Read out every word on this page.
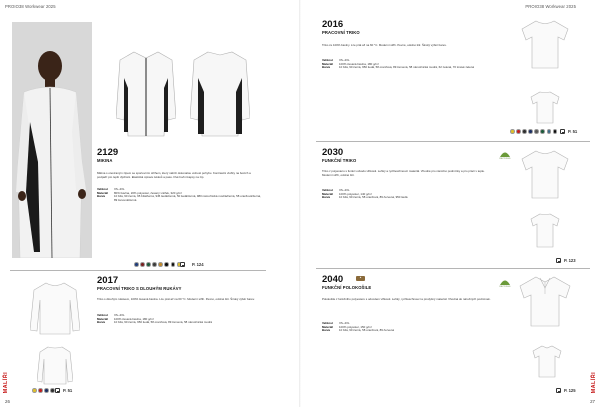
PROIO38 Workwear 2025
MALÍŘI
26
2129
MIKINA
Mikina s otevíraným zipem se sportovním střihem, který nabízí dokonalou volnost pohybu. Kontrastní vložky na bocích a podpaží pro lepší dýchání. Elastická úprava rukávů a pasu. Dvě boční kapsy na zip.
Velikost	XS–4XL
Materiál	80% bavlna, 20% polyester, česaný vnitřek, 320 g/m²
Barva	10 bílá, 90 černá, 95 bílá/černá, 945 šedá/černá, 50 šedá/černá, 980 námořnická modrá/černá, 58 oranžová/černá, 89 červená/černá
P. 124
2017
PRACOVNÍ TRIKO S DLOUHÝM RUKÁVY
Triko s dlouhým rukávem, 100% česaná bavlna. Lze prát až na 60 °C. Moderní střih. Pevné, odolné šití. Široký výběr barev.
Velikost	XS–4XL
Materiál	100% česaná bavlna, 180 g/m²
Barva	10 bílá, 90 černá, 950 šedá, 58 oranžová, 89 červená, 58 námořnická modrá
P. 51
PROIO38 Workwear 2025
MALÍŘI
27
2016
PRACOVNÍ TRIKO
Triko ze 100% bavlny. Lze prát až na 60 °C. Moderní střih. Pevné, odolné šití. Široký výběr barev.
Velikost	XS–4XL
Materiál	100% česaná bavlna, 180 g/m²
Barva	10 bílá, 90 černá, 950 šedá, 58 oranžová, 89 červená, 58 námořnická modrá, 62 zelená, 70 tmavě zelená
P. 51
2030
FUNKČNÍ TRIKO
Triko z polyesteru s funkcí odvodu vlhkosti. Lehký a rychleschnoucí materiál. Vhodné pro náročné podmínky a pro práci v teple. Moderní střih, odolné šití.
Velikost	XS–4XL
Materiál	100% polyester, 140 g/m²
Barva	10 bílá, 90 černá, 58 oranžová, 89 červená, 950 šedá
RECYCLED
P. 123
2040	★
FUNKČNÍ POLOKOŠILE
Polokošile z funkčního polyesteru s odvodem vlhkosti. Lehký, rychleschnoucí a prodyšný materiál. Vhodná do náročných podmínek.
Velikost	XS–4XL
Materiál	100% polyester, 150 g/m²
Barva	10 bílá, 90 černá, 58 oranžová, 89 červená
RECYCLED
P. 125
